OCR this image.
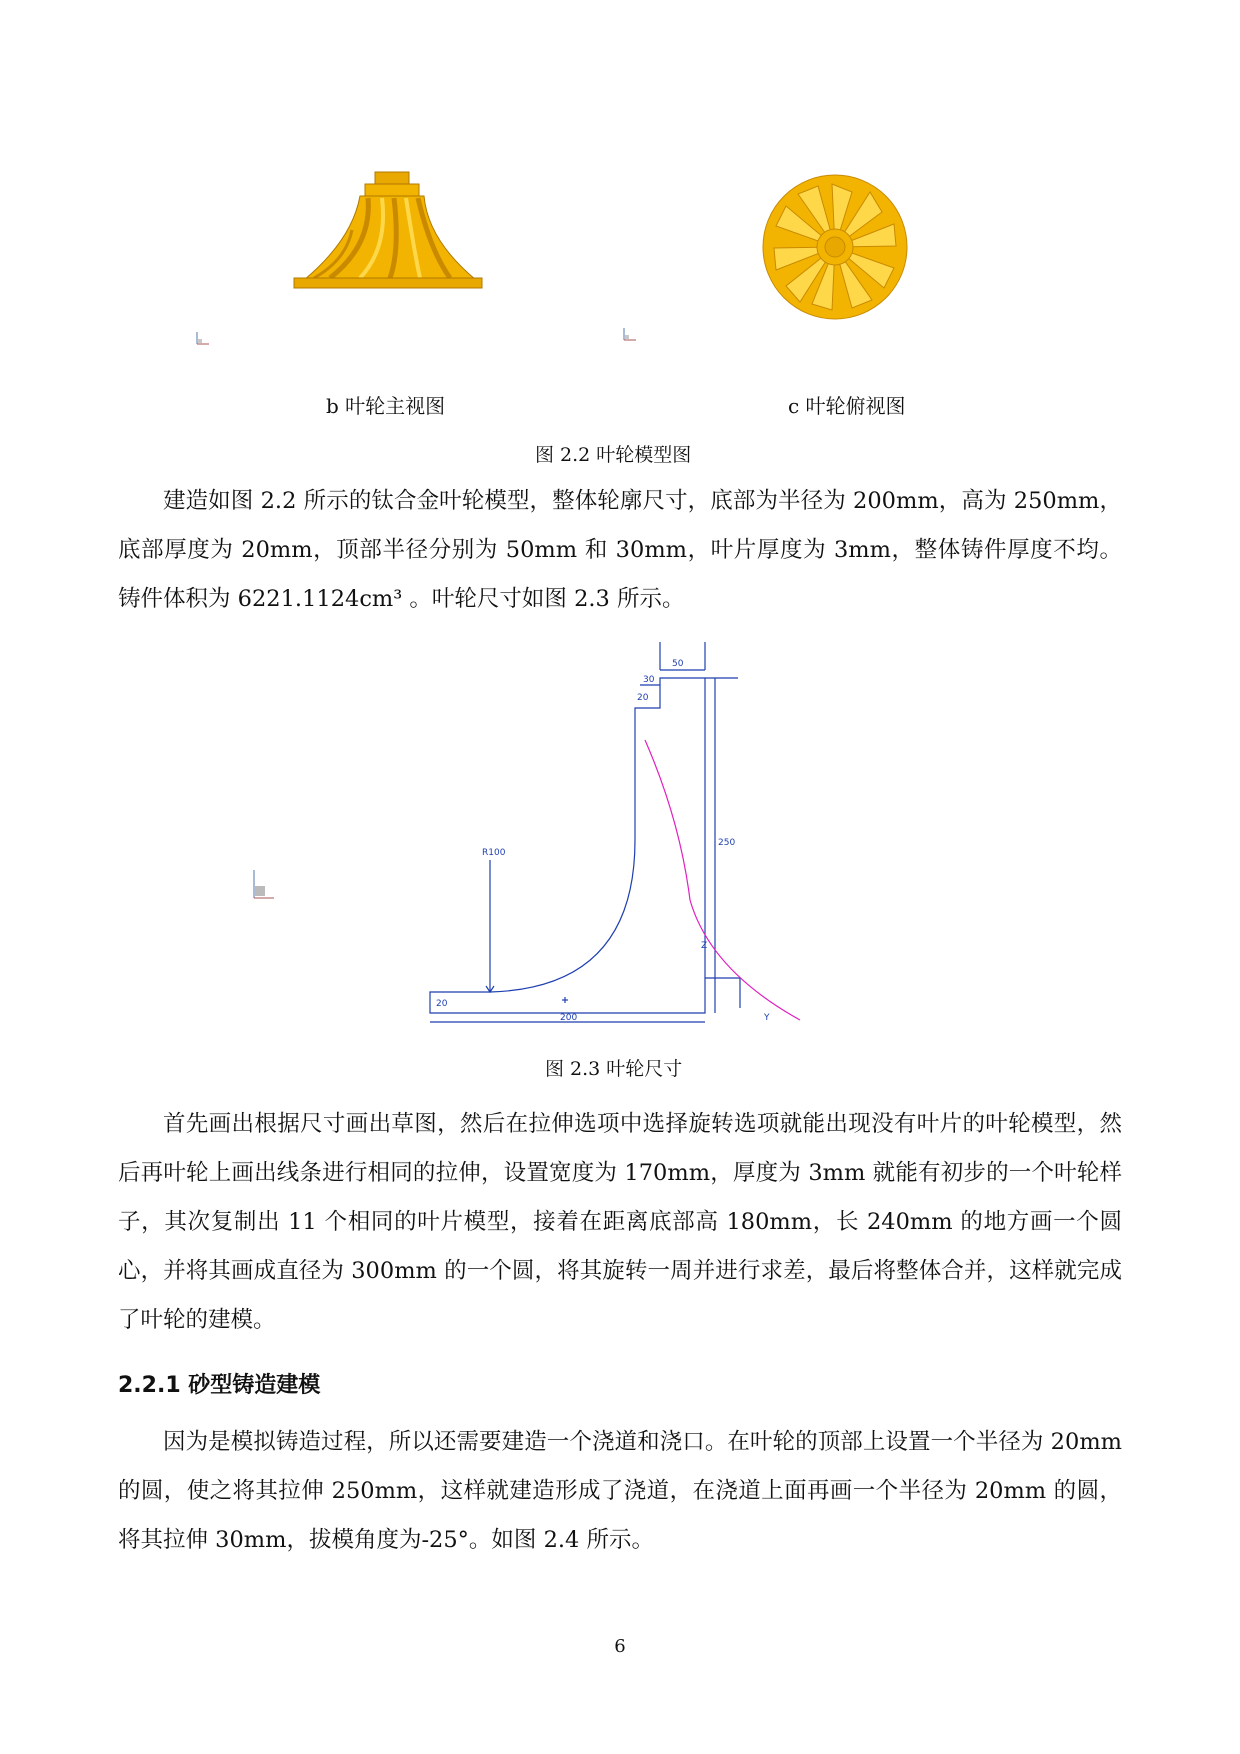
b 叶轮主视图	c 叶轮俯视图
图 2.2 叶轮模型图

建造如图 2.2 所示的钛合金叶轮模型，整体轮廓尺寸，底部为半径为 200mm，高为 250mm，底部厚度为 20mm，顶部半径分别为 50mm 和 30mm，叶片厚度为 3mm，整体铸件厚度不均。铸件体积为 6221.1124cm³ 。叶轮尺寸如图 2.3 所示。

50
30
20
R100
250
20
200
Z
Y
图 2.3 叶轮尺寸

首先画出根据尺寸画出草图，然后在拉伸选项中选择旋转选项就能出现没有叶片的叶轮模型，然后再叶轮上画出线条进行相同的拉伸，设置宽度为 170mm，厚度为 3mm 就能有初步的一个叶轮样子，其次复制出 11 个相同的叶片模型，接着在距离底部高 180mm，长 240mm 的地方画一个圆心，并将其画成直径为 300mm 的一个圆，将其旋转一周并进行求差，最后将整体合并，这样就完成了叶轮的建模。

2.2.1 砂型铸造建模

因为是模拟铸造过程，所以还需要建造一个浇道和浇口。在叶轮的顶部上设置一个半径为 20mm 的圆，使之将其拉伸 250mm，这样就建造形成了浇道，在浇道上面再画一个半径为 20mm 的圆，将其拉伸 30mm，拔模角度为-25°。如图 2.4 所示。

6
